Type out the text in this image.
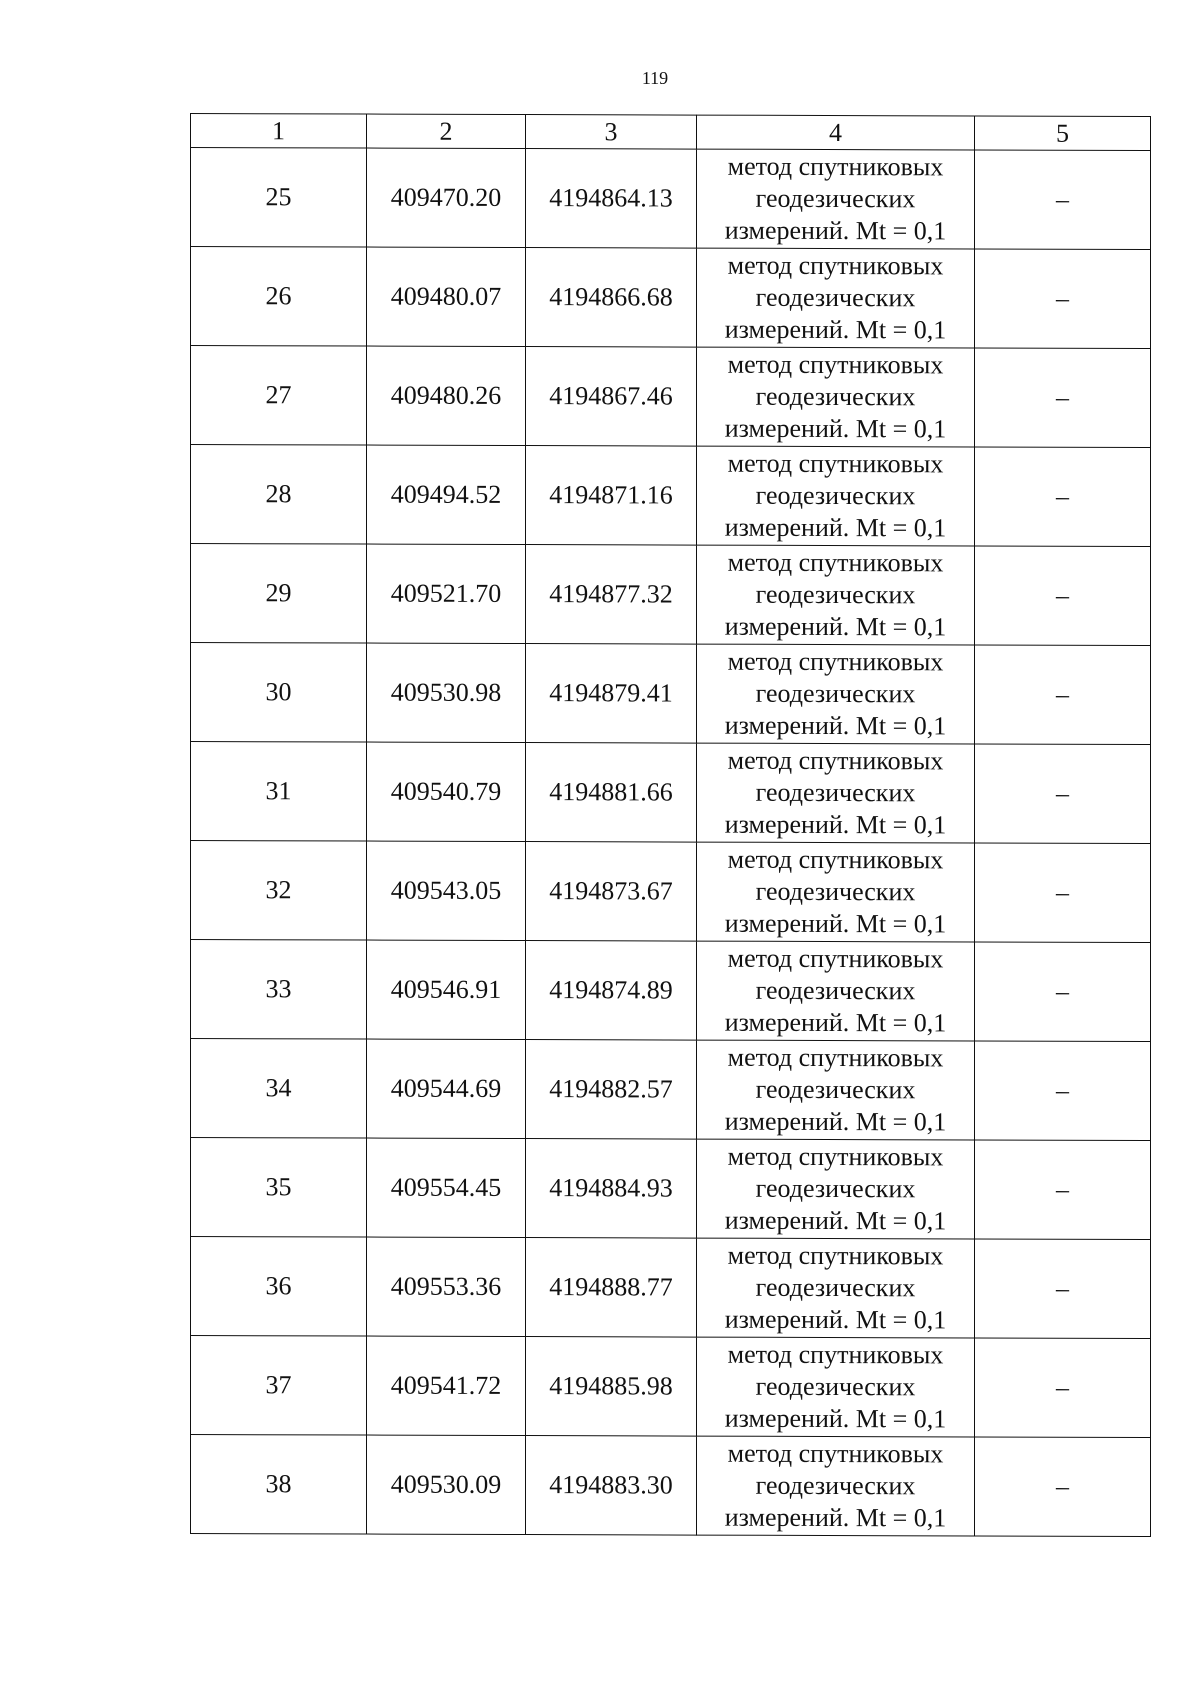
119
1	2	3	4	5
25	409470.20	4194864.13	метод спутниковых
геодезических
измерений. Mt = 0,1	–
26	409480.07	4194866.68	метод спутниковых
геодезических
измерений. Mt = 0,1	–
27	409480.26	4194867.46	метод спутниковых
геодезических
измерений. Mt = 0,1	–
28	409494.52	4194871.16	метод спутниковых
геодезических
измерений. Mt = 0,1	–
29	409521.70	4194877.32	метод спутниковых
геодезических
измерений. Mt = 0,1	–
30	409530.98	4194879.41	метод спутниковых
геодезических
измерений. Mt = 0,1	–
31	409540.79	4194881.66	метод спутниковых
геодезических
измерений. Mt = 0,1	–
32	409543.05	4194873.67	метод спутниковых
геодезических
измерений. Mt = 0,1	–
33	409546.91	4194874.89	метод спутниковых
геодезических
измерений. Mt = 0,1	–
34	409544.69	4194882.57	метод спутниковых
геодезических
измерений. Mt = 0,1	–
35	409554.45	4194884.93	метод спутниковых
геодезических
измерений. Mt = 0,1	–
36	409553.36	4194888.77	метод спутниковых
геодезических
измерений. Mt = 0,1	–
37	409541.72	4194885.98	метод спутниковых
геодезических
измерений. Mt = 0,1	–
38	409530.09	4194883.30	метод спутниковых
геодезических
измерений. Mt = 0,1	–
